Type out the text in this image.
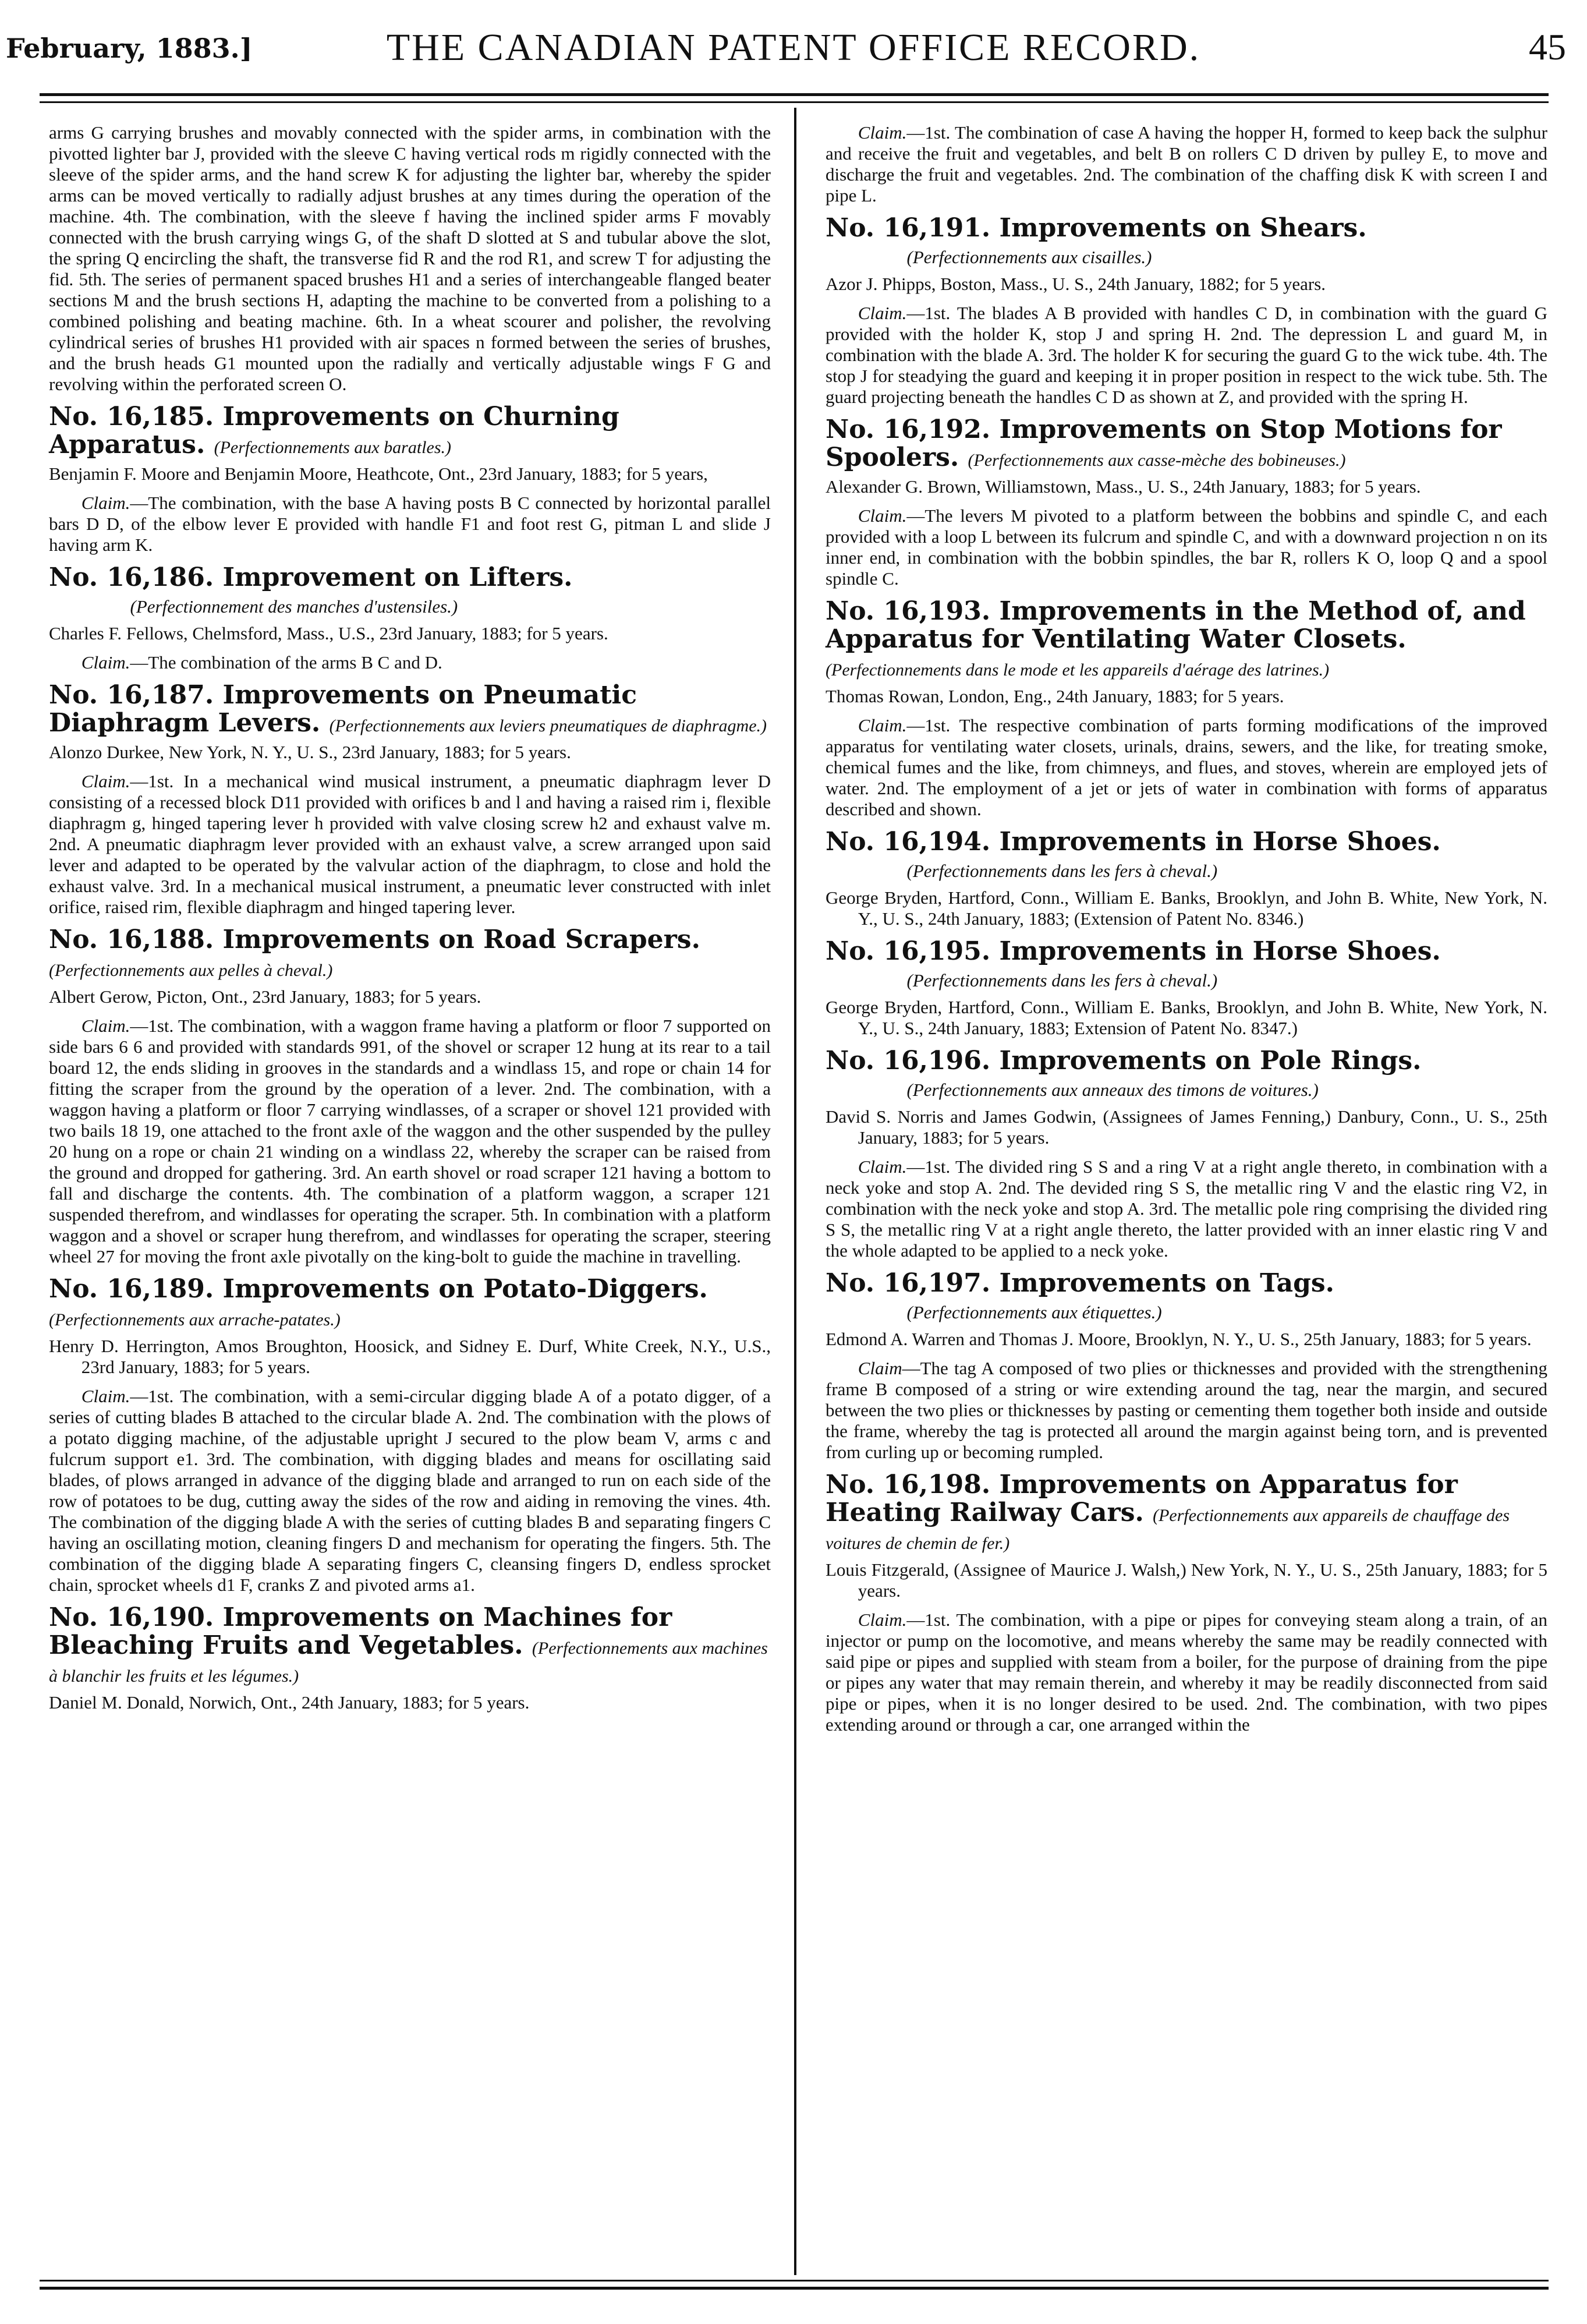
February, 1883.]	THE CANADIAN PATENT OFFICE RECORD.	45

arms G carrying brushes and movably connected with the spider arms, in combination with the pivotted lighter bar J, provided with the sleeve C having vertical rods m rigidly connected with the sleeve of the spider arms, and the hand screw K for adjusting the lighter bar, whereby the spider arms can be moved vertically to radially adjust brushes at any times during the operation of the machine. 4th. The combination, with the sleeve f having the inclined spider arms F movably connected with the brush carrying wings G, of the shaft D slotted at S and tubular above the slot, the spring Q encircling the shaft, the transverse fid R and the rod R1, and screw T for adjusting the fid. 5th. The series of permanent spaced brushes H1 and a series of interchangeable flanged beater sections M and the brush sections H, adapting the machine to be converted from a polishing to a combined polishing and beating machine. 6th. In a wheat scourer and polisher, the revolving cylindrical series of brushes H1 provided with air spaces n formed between the series of brushes, and the brush heads G1 mounted upon the radially and vertically adjustable wings F G and revolving within the perforated screen O.

No. 16,185. Improvements on Churning Apparatus. (Perfectionnements aux baratles.)

Benjamin F. Moore and Benjamin Moore, Heathcote, Ont., 23rd January, 1883; for 5 years,

Claim.—The combination, with the base A having posts B C connected by horizontal parallel bars D D, of the elbow lever E provided with handle F1 and foot rest G, pitman L and slide J having arm K.

No. 16,186. Improvement on Lifters.

(Perfectionnement des manches d'ustensiles.)

Charles F. Fellows, Chelmsford, Mass., U.S., 23rd January, 1883; for 5 years.

Claim.—The combination of the arms B C and D.

No. 16,187. Improvements on Pneumatic Diaphragm Levers. (Perfectionnements aux leviers pneumatiques de diaphragme.)

Alonzo Durkee, New York, N. Y., U. S., 23rd January, 1883; for 5 years.

Claim.—1st. In a mechanical wind musical instrument, a pneumatic diaphragm lever D consisting of a recessed block D11 provided with orifices b and l and having a raised rim i, flexible diaphragm g, hinged tapering lever h provided with valve closing screw h2 and exhaust valve m. 2nd. A pneumatic diaphragm lever provided with an exhaust valve, a screw arranged upon said lever and adapted to be operated by the valvular action of the diaphragm, to close and hold the exhaust valve. 3rd. In a mechanical musical instrument, a pneumatic lever constructed with inlet orifice, raised rim, flexible diaphragm and hinged tapering lever.

No. 16,188. Improvements on Road Scrapers. (Perfectionnements aux pelles à cheval.)

Albert Gerow, Picton, Ont., 23rd January, 1883; for 5 years.

Claim.—1st. The combination, with a waggon frame having a platform or floor 7 supported on side bars 6 6 and provided with standards 991, of the shovel or scraper 12 hung at its rear to a tail board 12, the ends sliding in grooves in the standards and a windlass 15, and rope or chain 14 for fitting the scraper from the ground by the operation of a lever. 2nd. The combination, with a waggon having a platform or floor 7 carrying windlasses, of a scraper or shovel 121 provided with two bails 18 19, one attached to the front axle of the waggon and the other suspended by the pulley 20 hung on a rope or chain 21 winding on a windlass 22, whereby the scraper can be raised from the ground and dropped for gathering. 3rd. An earth shovel or road scraper 121 having a bottom to fall and discharge the contents. 4th. The combination of a platform waggon, a scraper 121 suspended therefrom, and windlasses for operating the scraper. 5th. In combination with a platform waggon and a shovel or scraper hung therefrom, and windlasses for operating the scraper, steering wheel 27 for moving the front axle pivotally on the king-bolt to guide the machine in travelling.

No. 16,189. Improvements on Potato-Diggers. (Perfectionnements aux arrache-patates.)

Henry D. Herrington, Amos Broughton, Hoosick, and Sidney E. Durf, White Creek, N.Y., U.S., 23rd January, 1883; for 5 years.

Claim.—1st. The combination, with a semi-circular digging blade A of a potato digger, of a series of cutting blades B attached to the circular blade A. 2nd. The combination with the plows of a potato digging machine, of the adjustable upright J secured to the plow beam V, arms c and fulcrum support e1. 3rd. The combination, with digging blades and means for oscillating said blades, of plows arranged in advance of the digging blade and arranged to run on each side of the row of potatoes to be dug, cutting away the sides of the row and aiding in removing the vines. 4th. The combination of the digging blade A with the series of cutting blades B and separating fingers C having an oscillating motion, cleaning fingers D and mechanism for operating the fingers. 5th. The combination of the digging blade A separating fingers C, cleansing fingers D, endless sprocket chain, sprocket wheels d1 F, cranks Z and pivoted arms a1.

No. 16,190. Improvements on Machines for Bleaching Fruits and Vegetables. (Perfectionnements aux machines à blanchir les fruits et les légumes.)

Daniel M. Donald, Norwich, Ont., 24th January, 1883; for 5 years.

Claim.—1st. The combination of case A having the hopper H, formed to keep back the sulphur and receive the fruit and vegetables, and belt B on rollers C D driven by pulley E, to move and discharge the fruit and vegetables. 2nd. The combination of the chaffing disk K with screen I and pipe L.

No. 16,191. Improvements on Shears.

(Perfectionnements aux cisailles.)

Azor J. Phipps, Boston, Mass., U. S., 24th January, 1882; for 5 years.

Claim.—1st. The blades A B provided with handles C D, in combination with the guard G provided with the holder K, stop J and spring H. 2nd. The depression L and guard M, in combination with the blade A. 3rd. The holder K for securing the guard G to the wick tube. 4th. The stop J for steadying the guard and keeping it in proper position in respect to the wick tube. 5th. The guard projecting beneath the handles C D as shown at Z, and provided with the spring H.

No. 16,192. Improvements on Stop Motions for Spoolers. (Perfectionnements aux casse-mèche des bobineuses.)

Alexander G. Brown, Williamstown, Mass., U. S., 24th January, 1883; for 5 years.

Claim.—The levers M pivoted to a platform between the bobbins and spindle C, and each provided with a loop L between its fulcrum and spindle C, and with a downward projection n on its inner end, in combination with the bobbin spindles, the bar R, rollers K O, loop Q and a spool spindle C.

No. 16,193. Improvements in the Method of, and Apparatus for Ventilating Water Closets. (Perfectionnements dans le mode et les appareils d'aérage des latrines.)

Thomas Rowan, London, Eng., 24th January, 1883; for 5 years.

Claim.—1st. The respective combination of parts forming modifications of the improved apparatus for ventilating water closets, urinals, drains, sewers, and the like, for treating smoke, chemical fumes and the like, from chimneys, and flues, and stoves, wherein are employed jets of water. 2nd. The employment of a jet or jets of water in combination with forms of apparatus described and shown.

No. 16,194. Improvements in Horse Shoes.

(Perfectionnements dans les fers à cheval.)

George Bryden, Hartford, Conn., William E. Banks, Brooklyn, and John B. White, New York, N. Y., U. S., 24th January, 1883; (Extension of Patent No. 8346.)

No. 16,195. Improvements in Horse Shoes.

(Perfectionnements dans les fers à cheval.)

George Bryden, Hartford, Conn., William E. Banks, Brooklyn, and John B. White, New York, N. Y., U. S., 24th January, 1883; Extension of Patent No. 8347.)

No. 16,196. Improvements on Pole Rings.

(Perfectionnements aux anneaux des timons de voitures.)

David S. Norris and James Godwin, (Assignees of James Fenning,) Danbury, Conn., U. S., 25th January, 1883; for 5 years.

Claim.—1st. The divided ring S S and a ring V at a right angle thereto, in combination with a neck yoke and stop A. 2nd. The devided ring S S, the metallic ring V and the elastic ring V2, in combination with the neck yoke and stop A. 3rd. The metallic pole ring comprising the divided ring S S, the metallic ring V at a right angle thereto, the latter provided with an inner elastic ring V and the whole adapted to be applied to a neck yoke.

No. 16,197. Improvements on Tags.

(Perfectionnements aux étiquettes.)

Edmond A. Warren and Thomas J. Moore, Brooklyn, N. Y., U. S., 25th January, 1883; for 5 years.

Claim—The tag A composed of two plies or thicknesses and provided with the strengthening frame B composed of a string or wire extending around the tag, near the margin, and secured between the two plies or thicknesses by pasting or cementing them together both inside and outside the frame, whereby the tag is protected all around the margin against being torn, and is prevented from curling up or becoming rumpled.

No. 16,198. Improvements on Apparatus for Heating Railway Cars. (Perfectionnements aux appareils de chauffage des voitures de chemin de fer.)

Louis Fitzgerald, (Assignee of Maurice J. Walsh,) New York, N. Y., U. S., 25th January, 1883; for 5 years.

Claim.—1st. The combination, with a pipe or pipes for conveying steam along a train, of an injector or pump on the locomotive, and means whereby the same may be readily connected with said pipe or pipes and supplied with steam from a boiler, for the purpose of draining from the pipe or pipes any water that may remain therein, and whereby it may be readily disconnected from said pipe or pipes, when it is no longer desired to be used. 2nd. The combination, with two pipes extending around or through a car, one arranged within the
